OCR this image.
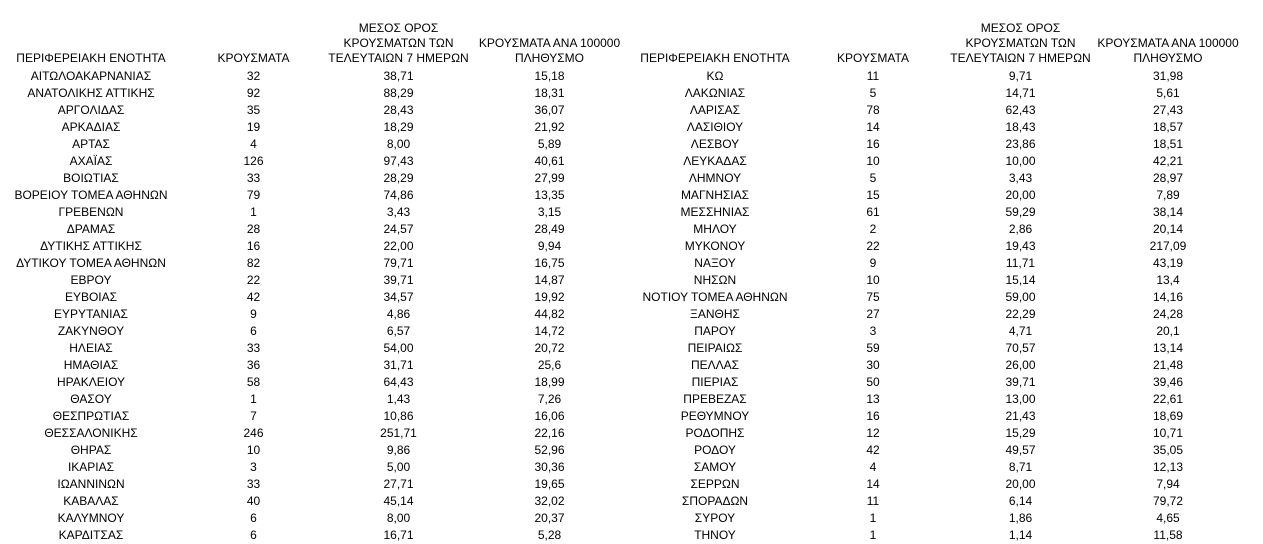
ΠΕΡΙΦΕΡΕΙΑΚΗ ΕΝΟΤΗΤΑ	ΚΡΟΥΣΜΑΤΑ	ΜΕΣΟΣ ΟΡΟΣ ΚΡΟΥΣΜΑΤΩΝ ΤΩΝ ΤΕΛΕΥΤΑΙΩΝ 7 ΗΜΕΡΩΝ	ΚΡΟΥΣΜΑΤΑ ΑΝΑ 100000 ΠΛΗΘΥΣΜΟ
ΑΙΤΩΛΟΑΚΑΡΝΑΝΙΑΣ	32	38,71	15,18
ΑΝΑΤΟΛΙΚΗΣ ΑΤΤΙΚΗΣ	92	88,29	18,31
ΑΡΓΟΛΙΔΑΣ	35	28,43	36,07
ΑΡΚΑΔΙΑΣ	19	18,29	21,92
ΑΡΤΑΣ	4	8,00	5,89
ΑΧΑΪΑΣ	126	97,43	40,61
ΒΟΙΩΤΙΑΣ	33	28,29	27,99
ΒΟΡΕΙΟΥ ΤΟΜΕΑ ΑΘΗΝΩΝ	79	74,86	13,35
ΓΡΕΒΕΝΩΝ	1	3,43	3,15
ΔΡΑΜΑΣ	28	24,57	28,49
ΔΥΤΙΚΗΣ ΑΤΤΙΚΗΣ	16	22,00	9,94
ΔΥΤΙΚΟΥ ΤΟΜΕΑ ΑΘΗΝΩΝ	82	79,71	16,75
ΕΒΡΟΥ	22	39,71	14,87
ΕΥΒΟΙΑΣ	42	34,57	19,92
ΕΥΡΥΤΑΝΙΑΣ	9	4,86	44,82
ΖΑΚΥΝΘΟΥ	6	6,57	14,72
ΗΛΕΙΑΣ	33	54,00	20,72
ΗΜΑΘΙΑΣ	36	31,71	25,6
ΗΡΑΚΛΕΙΟΥ	58	64,43	18,99
ΘΑΣΟΥ	1	1,43	7,26
ΘΕΣΠΡΩΤΙΑΣ	7	10,86	16,06
ΘΕΣΣΑΛΟΝΙΚΗΣ	246	251,71	22,16
ΘΗΡΑΣ	10	9,86	52,96
ΙΚΑΡΙΑΣ	3	5,00	30,36
ΙΩΑΝΝΙΝΩΝ	33	27,71	19,65
ΚΑΒΑΛΑΣ	40	45,14	32,02
ΚΑΛΥΜΝΟΥ	6	8,00	20,37
ΚΑΡΔΙΤΣΑΣ	6	16,71	5,28
ΠΕΡΙΦΕΡΕΙΑΚΗ ΕΝΟΤΗΤΑ	ΚΡΟΥΣΜΑΤΑ	ΜΕΣΟΣ ΟΡΟΣ ΚΡΟΥΣΜΑΤΩΝ ΤΩΝ ΤΕΛΕΥΤΑΙΩΝ 7 ΗΜΕΡΩΝ	ΚΡΟΥΣΜΑΤΑ ΑΝΑ 100000 ΠΛΗΘΥΣΜΟ
ΚΩ	11	9,71	31,98
ΛΑΚΩΝΙΑΣ	5	14,71	5,61
ΛΑΡΙΣΑΣ	78	62,43	27,43
ΛΑΣΙΘΙΟΥ	14	18,43	18,57
ΛΕΣΒΟΥ	16	23,86	18,51
ΛΕΥΚΑΔΑΣ	10	10,00	42,21
ΛΗΜΝΟΥ	5	3,43	28,97
ΜΑΓΝΗΣΙΑΣ	15	20,00	7,89
ΜΕΣΣΗΝΙΑΣ	61	59,29	38,14
ΜΗΛΟΥ	2	2,86	20,14
ΜΥΚΟΝΟΥ	22	19,43	217,09
ΝΑΞΟΥ	9	11,71	43,19
ΝΗΣΩΝ	10	15,14	13,4
ΝΟΤΙΟΥ ΤΟΜΕΑ ΑΘΗΝΩΝ	75	59,00	14,16
ΞΑΝΘΗΣ	27	22,29	24,28
ΠΑΡΟΥ	3	4,71	20,1
ΠΕΙΡΑΙΩΣ	59	70,57	13,14
ΠΕΛΛΑΣ	30	26,00	21,48
ΠΙΕΡΙΑΣ	50	39,71	39,46
ΠΡΕΒΕΖΑΣ	13	13,00	22,61
ΡΕΘΥΜΝΟΥ	16	21,43	18,69
ΡΟΔΟΠΗΣ	12	15,29	10,71
ΡΟΔΟΥ	42	49,57	35,05
ΣΑΜΟΥ	4	8,71	12,13
ΣΕΡΡΩΝ	14	20,00	7,94
ΣΠΟΡΑΔΩΝ	11	6,14	79,72
ΣΥΡΟΥ	1	1,86	4,65
ΤΗΝΟΥ	1	1,14	11,58
